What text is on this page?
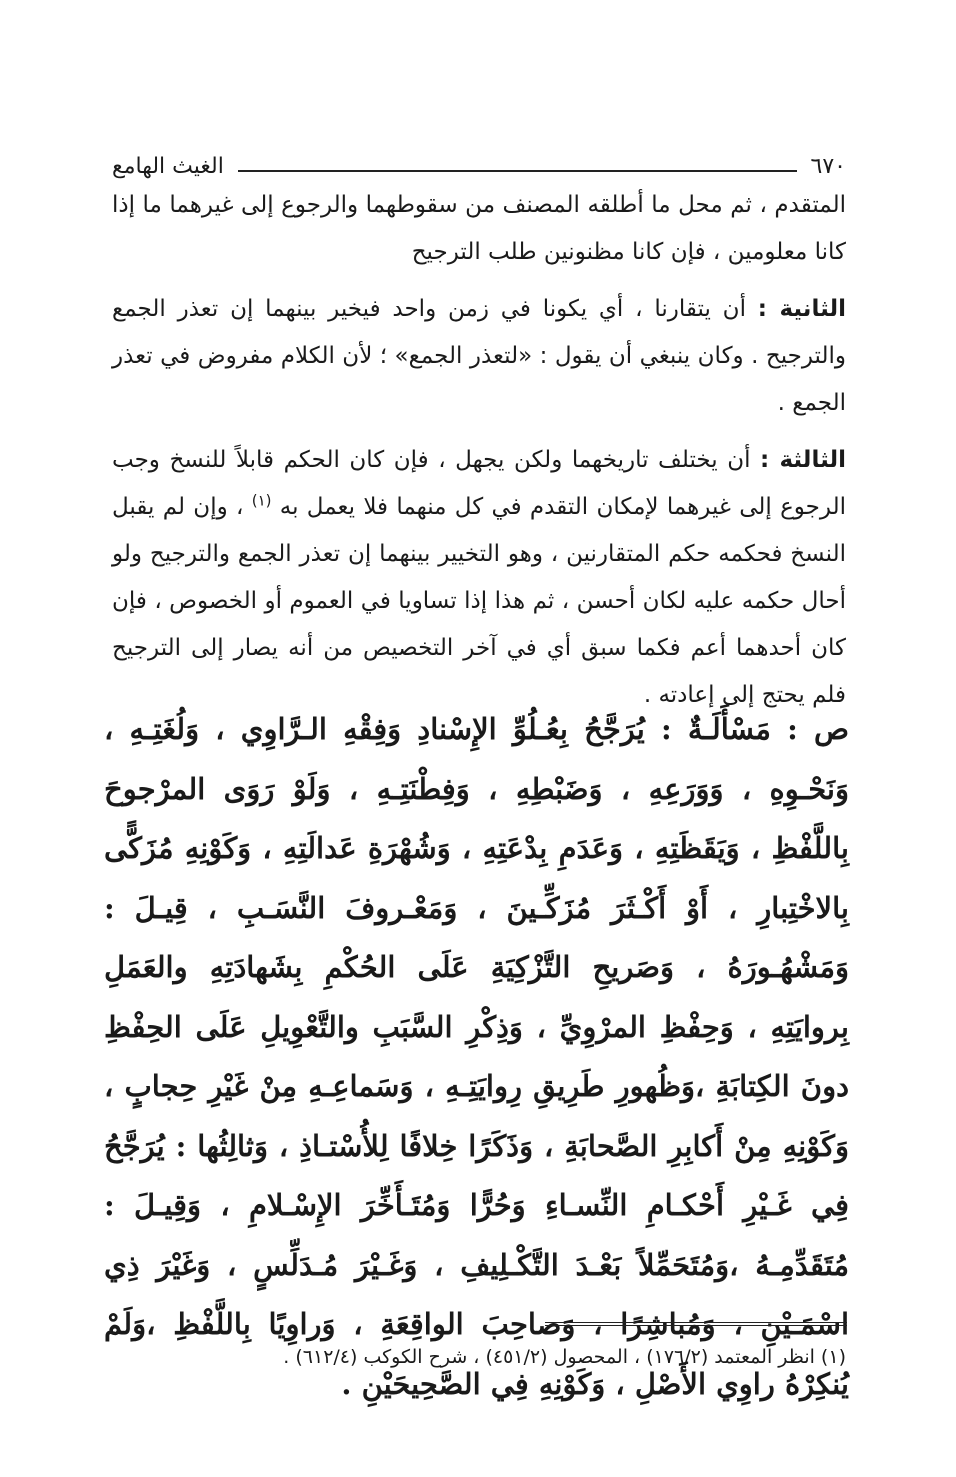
٦٧٠
الغيث الهامع

المتقدم ، ثم محل ما أطلقه المصنف من سقوطهما والرجوع إلى غيرهما ما إذا كانا معلومين ، فإن كانا مظنونين طلب الترجيح

الثانية : أن يتقارنا ، أي يكونا في زمن واحد فيخير بينهما إن تعذر الجمع والترجيح . وكان ينبغي أن يقول : «لتعذر الجمع» ؛ لأن الكلام مفروض في تعذر الجمع .

الثالثة : أن يختلف تاريخهما ولكن يجهل ، فإن كان الحكم قابلاً للنسخ وجب الرجوع إلى غيرهما لإمكان التقدم في كل منهما فلا يعمل به $^{(١)}$ ، وإن لم يقبل النسخ فحكمه حكم المتقارنين ، وهو التخيير بينهما إن تعذر الجمع والترجيح ولو أحال حكمه عليه لكان أحسن ، ثم هذا إذا تساويا في العموم أو الخصوص ، فإن كان أحدهما أعم فكما سبق أي في آخر التخصيص من أنه يصار إلى الترجيح فلم يحتج إلى إعادته .

ص : مَسْأَلَـةٌ : يُرَجَّحُ بِعُـلُوِّ الإِسْنادِ وَفِقْهِ الـرَّاوِي ، وَلُغَتِـهِ ، وَنَحْـوِهِ ، وَوَرَعِهِ ، وَضَبْطِهِ ، وَفِطْنَتِـهِ ، وَلَوْ رَوَى المرْجوحَ بِاللَّفْظِ ، وَيَقَظَتِهِ ، وَعَدَمِ بِدْعَتِهِ ، وَشُهْرَةِ عَدالَتِهِ ، وَكَوْنِهِ مُزَكًّى بِالاخْتِبارِ ، أَوْ أَكْـثَرَ مُزَكِّـينَ ، وَمَعْـروفَ النَّسَـبِ ، قِيـلَ : وَمَشْهُـورَهُ ، وَصَريحِ التَّزْكِيَةِ عَلَى الحُكْمِ بِشَهادَتِهِ والعَمَلِ بِروايَتِهِ ، وَحِفْظِ المرْوِيِّ ، وَذِكْرِ السَّبَبِ والتَّعْوِيلِ عَلَى الحِفْظِ دونَ الكِتابَةِ ،وَظُهورِ طَرِيقِ رِوايَتِـهِ ، وَسَماعِـهِ مِنْ غَيْرِ حِجابٍ ، وَكَوْنِهِ مِنْ أَكابِرِ الصَّحابَةِ ، وَذَكَرًا خِلافًا لِلأُسْتـاذِ ، وَثالِثُها : يُرَجَّحُ فِي غَـيْرِ أَحْكـامِ النِّسـاءِ وَحُرًّا وَمُتَـأَخِّرَ الإِسْـلامِ ، وَقِيـلَ : مُتَقَدِّمِـهُ ،وَمُتَحَمِّلاً بَعْـدَ التَّكْـلِيفِ ، وَغَـيْرَ مُـدَلِّسٍ ، وَغَيْرَ ذِي اسْمَـيْنِ ، وَمُباشِرًا ، وَصاحِبَ الواقِعَةِ ، وَراوِيًا بِاللَّفْظِ ،وَلَمْ يُنكِرْهُ راوِي الأَصْلِ ، وَكَوْنِهِ فِي الصَّحِيحَيْنِ .

(١) انظر المعتمد (١٧٦/٢) ، المحصول (٤٥١/٢) ، شرح الكوكب (٦١٢/٤) .
